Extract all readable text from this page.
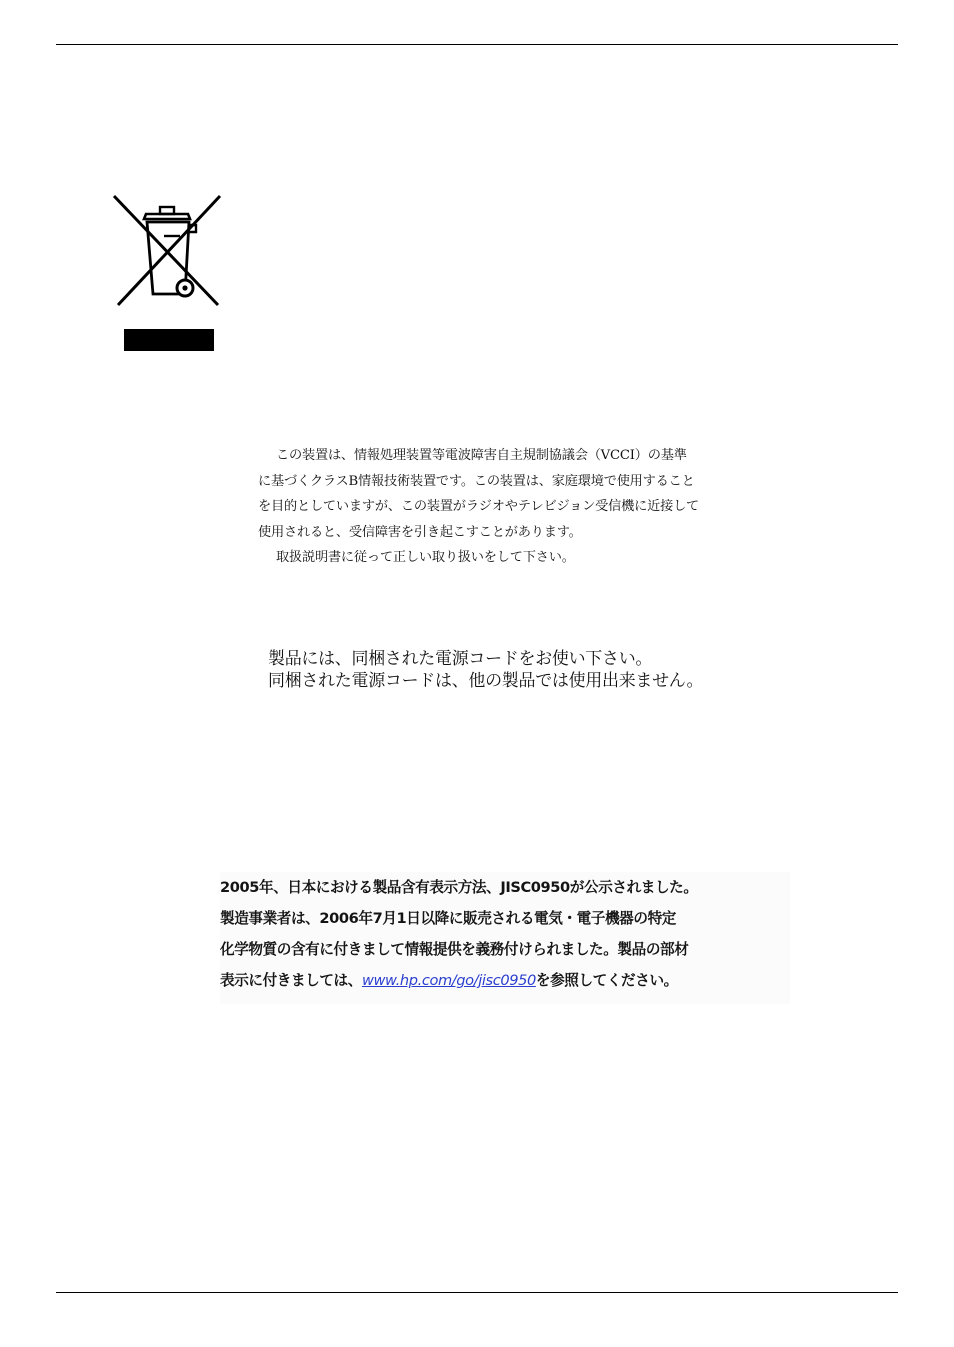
この装置は、情報処理装置等電波障害自主規制協議会（VCCI）の基準

に基づくクラスB情報技術装置です。この装置は、家庭環境で使用すること

を目的としていますが、この装置がラジオやテレビジョン受信機に近接して

使用されると、受信障害を引き起こすことがあります。

取扱説明書に従って正しい取り扱いをして下さい。

製品には、同梱された電源コードをお使い下さい。

同梱された電源コードは、他の製品では使用出来ません。

2005年、日本における製品含有表示方法、JISC0950が公示されました。

製造事業者は、2006年7月1日以降に販売される電気・電子機器の特定

化学物質の含有に付きまして情報提供を義務付けられました。製品の部材

表示に付きましては、www.hp.com/go/jisc0950を参照してください。
